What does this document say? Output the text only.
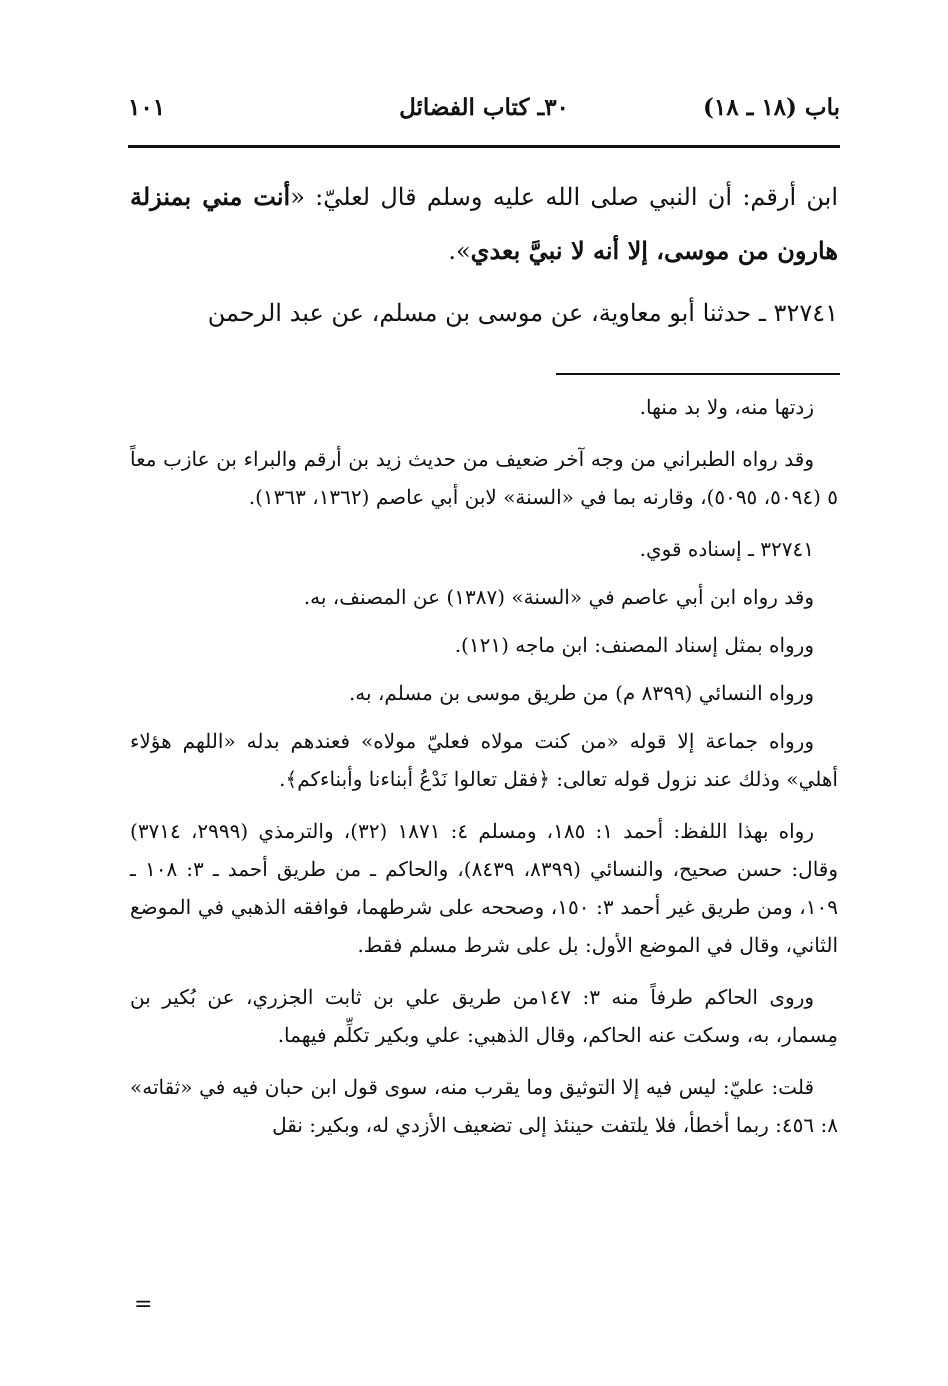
باب (١٨ ـ ١٨)
٣٠ـ كتاب الفضائل
١٠١

ابن أرقم: أن النبي صلى الله عليه وسلم قال لعليّ: «أنت مني بمنزلة هارون من موسى، إلا أنه لا نبيَّ بعدي».

٣٢٧٤١ ـ حدثنا أبو معاوية، عن موسى بن مسلم، عن عبد الرحمن

زدتها منه، ولا بد منها.

وقد رواه الطبراني من وجه آخر ضعيف من حديث زيد بن أرقم والبراء بن عازب معاً ٥ (٥٠٩٤، ٥٠٩٥)، وقارنه بما في «السنة» لابن أبي عاصم (١٣٦٢، ١٣٦٣).

٣٢٧٤١ ـ إسناده قوي.

وقد رواه ابن أبي عاصم في «السنة» (١٣٨٧) عن المصنف، به.

ورواه بمثل إسناد المصنف: ابن ماجه (١٢١).

ورواه النسائي (٨٣٩٩ م) من طريق موسى بن مسلم، به.

ورواه جماعة إلا قوله «من كنت مولاه فعليّ مولاه» فعندهم بدله «اللهم هؤلاء أهلي» وذلك عند نزول قوله تعالى: ﴿فقل تعالوا نَدْعُ أبناءنا وأبناءكم﴾.

رواه بهذا اللفظ: أحمد ١: ١٨٥، ومسلم ٤: ١٨٧١ (٣٢)، والترمذي (٢٩٩٩، ٣٧١٤) وقال: حسن صحيح، والنسائي (٨٣٩٩، ٨٤٣٩)، والحاكم ـ من طريق أحمد ـ ٣: ١٠٨ ـ ١٠٩، ومن طريق غير أحمد ٣: ١٥٠، وصححه على شرطهما، فوافقه الذهبي في الموضع الثاني، وقال في الموضع الأول: بل على شرط مسلم فقط.

وروى الحاكم طرفاً منه ٣: ١٤٧من طريق علي بن ثابت الجزري، عن بُكير بن مِسمار، به، وسكت عنه الحاكم، وقال الذهبي: علي وبكير تكلِّم فيهما.

قلت: عليّ: ليس فيه إلا التوثيق وما يقرب منه، سوى قول ابن حبان فيه في «ثقاته» ٨: ٤٥٦: ربما أخطأ، فلا يلتفت حينئذ إلى تضعيف الأزدي له، وبكير: نقل

=
